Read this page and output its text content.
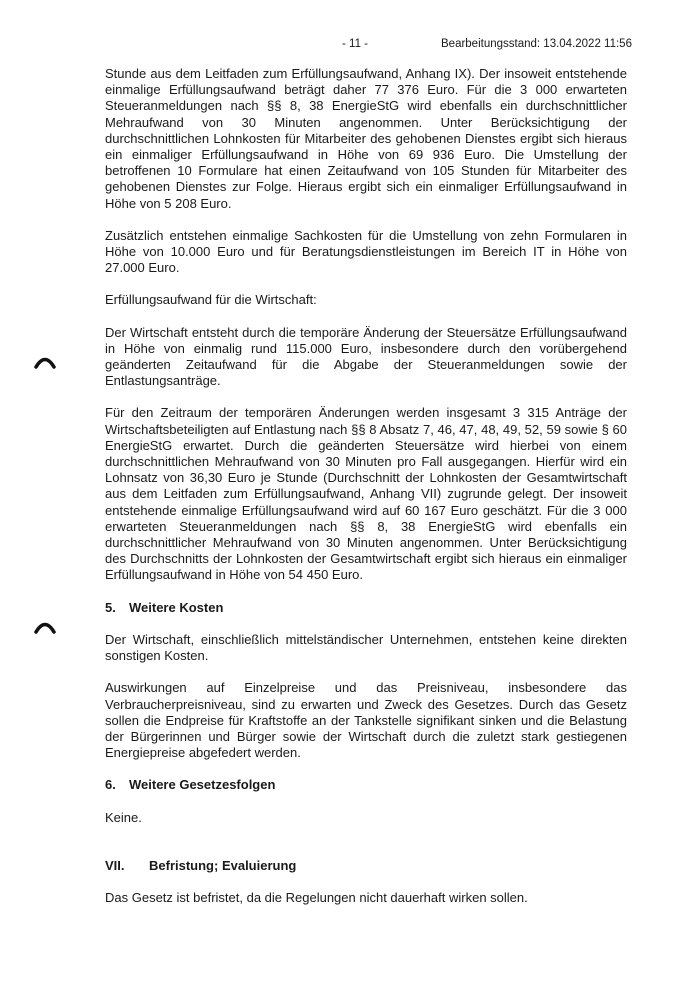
- 11 -	Bearbeitungsstand: 13.04.2022 11:56

Stunde aus dem Leitfaden zum Erfüllungsaufwand, Anhang IX). Der insoweit entstehende einmalige Erfüllungsaufwand beträgt daher 77 376 Euro. Für die 3 000 erwarteten Steueranmeldungen nach §§ 8, 38 EnergieStG wird ebenfalls ein durchschnittlicher Mehraufwand von 30 Minuten angenommen. Unter Berücksichtigung der durchschnittlichen Lohnkosten für Mitarbeiter des gehobenen Dienstes ergibt sich hieraus ein einmaliger Erfüllungsaufwand in Höhe von 69 936 Euro. Die Umstellung der betroffenen 10 Formulare hat einen Zeitaufwand von 105 Stunden für Mitarbeiter des gehobenen Dienstes zur Folge. Hieraus ergibt sich ein einmaliger Erfüllungsaufwand in Höhe von 5 208 Euro.

Zusätzlich entstehen einmalige Sachkosten für die Umstellung von zehn Formularen in Höhe von 10.000 Euro und für Beratungsdienstleistungen im Bereich IT in Höhe von 27.000 Euro.

Erfüllungsaufwand für die Wirtschaft:

Der Wirtschaft entsteht durch die temporäre Änderung der Steuersätze Erfüllungsaufwand in Höhe von einmalig rund 115.000 Euro, insbesondere durch den vorübergehend geänderten Zeitaufwand für die Abgabe der Steueranmeldungen sowie der Entlastungsanträge.

Für den Zeitraum der temporären Änderungen werden insgesamt 3 315 Anträge der Wirtschaftsbeteiligten auf Entlastung nach §§ 8 Absatz 7, 46, 47, 48, 49, 52, 59 sowie § 60 EnergieStG erwartet. Durch die geänderten Steuersätze wird hierbei von einem durchschnittlichen Mehraufwand von 30 Minuten pro Fall ausgegangen. Hierfür wird ein Lohnsatz von 36,30 Euro je Stunde (Durchschnitt der Lohnkosten der Gesamtwirtschaft aus dem Leitfaden zum Erfüllungsaufwand, Anhang VII) zugrunde gelegt. Der insoweit entstehende einmalige Erfüllungsaufwand wird auf 60 167 Euro geschätzt. Für die 3 000 erwarteten Steueranmeldungen nach §§ 8, 38 EnergieStG wird ebenfalls ein durchschnittlicher Mehraufwand von 30 Minuten angenommen. Unter Berücksichtigung des Durchschnitts der Lohnkosten der Gesamtwirtschaft ergibt sich hieraus ein einmaliger Erfüllungsaufwand in Höhe von 54 450 Euro.

5.	Weitere Kosten

Der Wirtschaft, einschließlich mittelständischer Unternehmen, entstehen keine direkten sonstigen Kosten.

Auswirkungen auf Einzelpreise und das Preisniveau, insbesondere das Verbraucherpreisniveau, sind zu erwarten und Zweck des Gesetzes. Durch das Gesetz sollen die Endpreise für Kraftstoffe an der Tankstelle signifikant sinken und die Belastung der Bürgerinnen und Bürger sowie der Wirtschaft durch die zuletzt stark gestiegenen Energiepreise abgefedert werden.

6.	Weitere Gesetzesfolgen

Keine.

VII.	Befristung; Evaluierung

Das Gesetz ist befristet, da die Regelungen nicht dauerhaft wirken sollen.
